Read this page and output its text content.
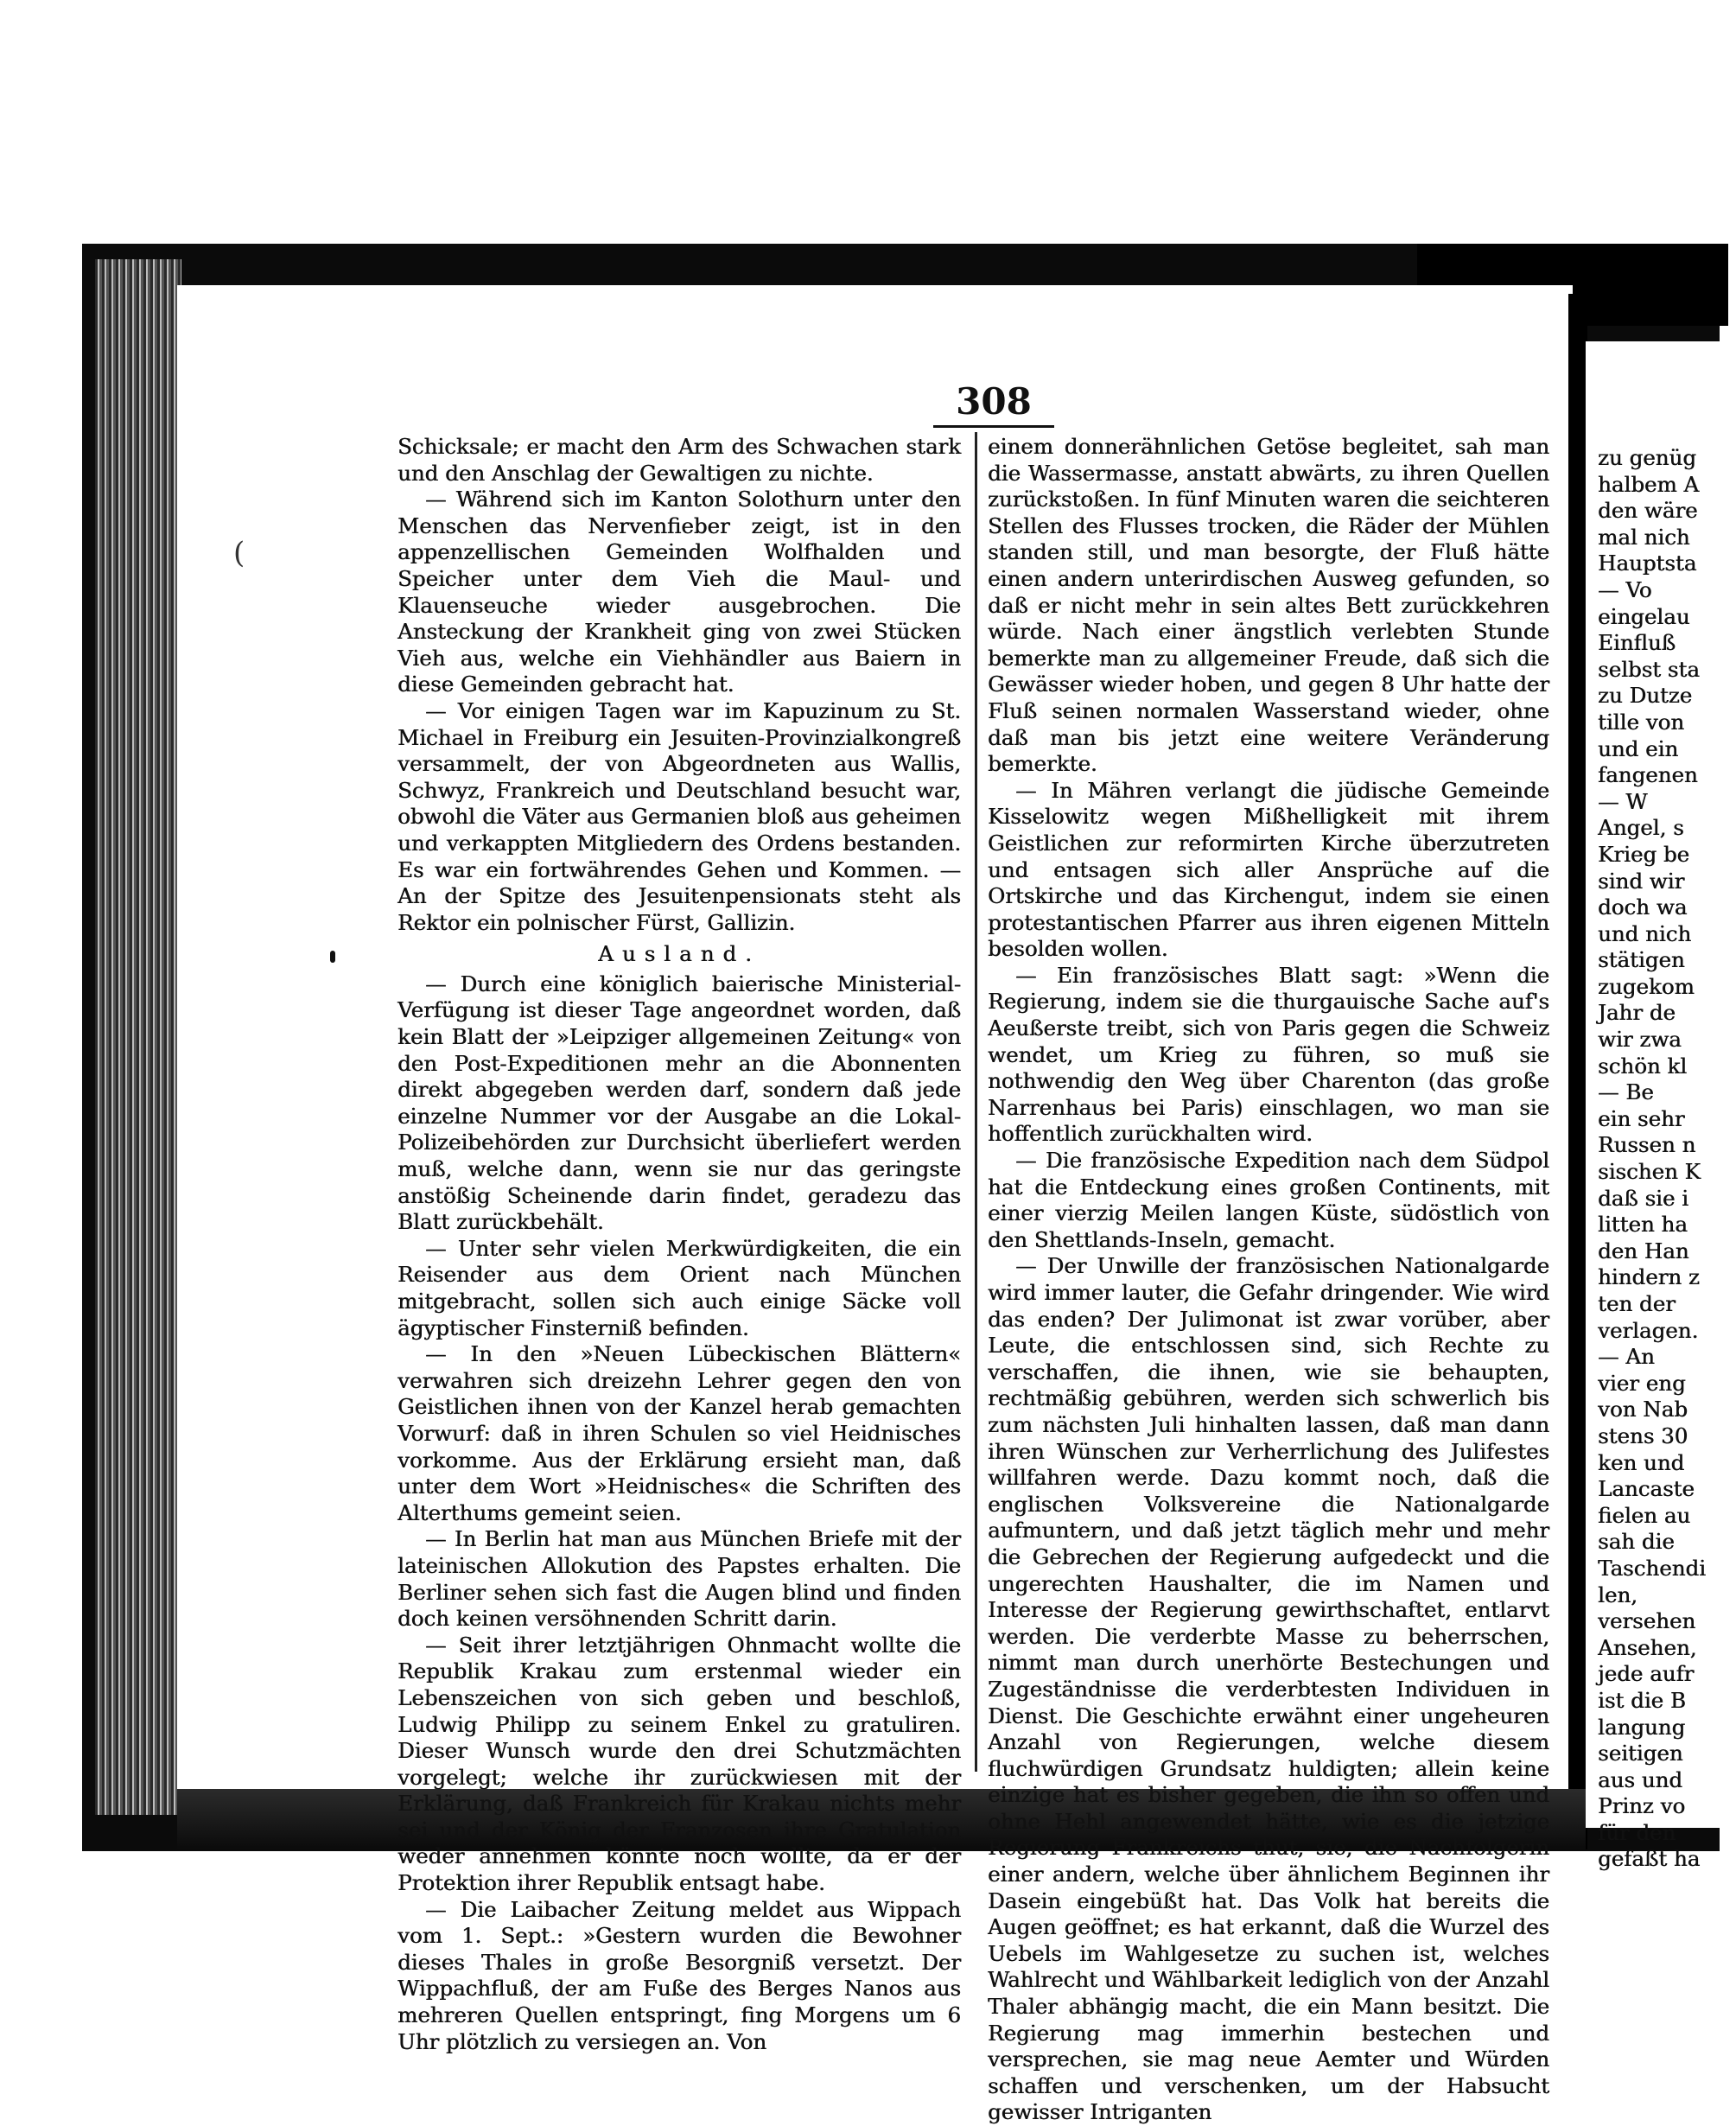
zu genüg
halbem A
den wäre
mal nich
Hauptsta
— Vo
eingelau
Einfluß
selbst sta
zu Dutze
tille von
und ein
fangenen
— W
Angel, s
Krieg be
sind wir
doch wa
und nich
stätigen
zugekom
Jahr de
wir zwa
schön kl
— Be
ein sehr
Russen n
sischen K
daß sie i
litten ha
den Han
hindern z
ten der
verlagen.
— An
vier eng
von Nab
stens 30
ken und
Lancaste
fielen au
sah die
Taschendi
len,
versehen
Ansehen,
jede aufr
ist die B
langung
seitigen
aus und
Prinz vo
für den
gefaßt ha
(
308

Schicksale; er macht den Arm des Schwachen stark und den Anschlag der Gewaltigen zu nichte.

— Während sich im Kanton Solothurn unter den Menschen das Nervenfieber zeigt, ist in den appenzellischen Gemeinden Wolfhalden und Speicher unter dem Vieh die Maul- und Klauenseuche wieder ausgebrochen. Die Ansteckung der Krankheit ging von zwei Stücken Vieh aus, welche ein Viehhändler aus Baiern in diese Gemeinden gebracht hat.

— Vor einigen Tagen war im Kapuzinum zu St. Michael in Freiburg ein Jesuiten-Provinzialkongreß versammelt, der von Abgeordneten aus Wallis, Schwyz, Frankreich und Deutschland besucht war, obwohl die Väter aus Germanien bloß aus geheimen und verkappten Mitgliedern des Ordens bestanden. Es war ein fortwährendes Gehen und Kommen. — An der Spitze des Jesuitenpensionats steht als Rektor ein polnischer Fürst, Gallizin.

Ausland.

— Durch eine königlich baierische Ministerial-Verfügung ist dieser Tage angeordnet worden, daß kein Blatt der »Leipziger allgemeinen Zeitung« von den Post-Expeditionen mehr an die Abonnenten direkt abgegeben werden darf, sondern daß jede einzelne Nummer vor der Ausgabe an die Lokal-Polizeibehörden zur Durchsicht überliefert werden muß, welche dann, wenn sie nur das geringste anstößig Scheinende darin findet, geradezu das Blatt zurückbehält.

— Unter sehr vielen Merkwürdigkeiten, die ein Reisender aus dem Orient nach München mitgebracht, sollen sich auch einige Säcke voll ägyptischer Finsterniß befinden.

— In den »Neuen Lübeckischen Blättern« verwahren sich dreizehn Lehrer gegen den von Geistlichen ihnen von der Kanzel herab gemachten Vorwurf: daß in ihren Schulen so viel Heidnisches vorkomme. Aus der Erklärung ersieht man, daß unter dem Wort »Heidnisches« die Schriften des Alterthums gemeint seien.

— In Berlin hat man aus München Briefe mit der lateinischen Allokution des Papstes erhalten. Die Berliner sehen sich fast die Augen blind und finden doch keinen versöhnenden Schritt darin.

— Seit ihrer letztjährigen Ohnmacht wollte die Republik Krakau zum erstenmal wieder ein Lebenszeichen von sich geben und beschloß, Ludwig Philipp zu seinem Enkel zu gratuliren. Dieser Wunsch wurde den drei Schutzmächten vorgelegt; welche ihr zurückwiesen mit der Erklärung, daß Frankreich für Krakau nichts mehr sei und der König der Franzosen ihre Gratulation weder annehmen könnte noch wollte, da er der Protektion ihrer Republik entsagt habe.

— Die Laibacher Zeitung meldet aus Wippach vom 1. Sept.: »Gestern wurden die Bewohner dieses Thales in große Besorgniß versetzt. Der Wippachfluß, der am Fuße des Berges Nanos aus mehreren Quellen entspringt, fing Morgens um 6 Uhr plötzlich zu versiegen an. Von

einem donnerähnlichen Getöse begleitet, sah man die Wassermasse, anstatt abwärts, zu ihren Quellen zurückstoßen. In fünf Minuten waren die seichteren Stellen des Flusses trocken, die Räder der Mühlen standen still, und man besorgte, der Fluß hätte einen andern unterirdischen Ausweg gefunden, so daß er nicht mehr in sein altes Bett zurückkehren würde. Nach einer ängstlich verlebten Stunde bemerkte man zu allgemeiner Freude, daß sich die Gewässer wieder hoben, und gegen 8 Uhr hatte der Fluß seinen normalen Wasserstand wieder, ohne daß man bis jetzt eine weitere Veränderung bemerkte.

— In Mähren verlangt die jüdische Gemeinde Kisselowitz wegen Mißhelligkeit mit ihrem Geistlichen zur reformirten Kirche überzutreten und entsagen sich aller Ansprüche auf die Ortskirche und das Kirchengut, indem sie einen protestantischen Pfarrer aus ihren eigenen Mitteln besolden wollen.

— Ein französisches Blatt sagt: »Wenn die Regierung, indem sie die thurgauische Sache auf's Aeußerste treibt, sich von Paris gegen die Schweiz wendet, um Krieg zu führen, so muß sie nothwendig den Weg über Charenton (das große Narrenhaus bei Paris) einschlagen, wo man sie hoffentlich zurückhalten wird.

— Die französische Expedition nach dem Südpol hat die Entdeckung eines großen Continents, mit einer vierzig Meilen langen Küste, südöstlich von den Shettlands-Inseln, gemacht.

— Der Unwille der französischen Nationalgarde wird immer lauter, die Gefahr dringender. Wie wird das enden? Der Julimonat ist zwar vorüber, aber Leute, die entschlossen sind, sich Rechte zu verschaffen, die ihnen, wie sie behaupten, rechtmäßig gebühren, werden sich schwerlich bis zum nächsten Juli hinhalten lassen, daß man dann ihren Wünschen zur Verherrlichung des Julifestes willfahren werde. Dazu kommt noch, daß die englischen Volksvereine die Nationalgarde aufmuntern, und daß jetzt täglich mehr und mehr die Gebrechen der Regierung aufgedeckt und die ungerechten Haushalter, die im Namen und Interesse der Regierung gewirthschaftet, entlarvt werden. Die verderbte Masse zu beherrschen, nimmt man durch unerhörte Bestechungen und Zugeständnisse die verderbtesten Individuen in Dienst. Die Geschichte erwähnt einer ungeheuren Anzahl von Regierungen, welche diesem fluchwürdigen Grundsatz huldigten; allein keine einzige hat es bisher gegeben, die ihn so offen und ohne Hehl angewendet hätte, wie es die jetzige Regierung Frankreichs thut, sie, die Nachfolgerin einer andern, welche über ähnlichem Beginnen ihr Dasein eingebüßt hat. Das Volk hat bereits die Augen geöffnet; es hat erkannt, daß die Wurzel des Uebels im Wahlgesetze zu suchen ist, welches Wahlrecht und Wählbarkeit lediglich von der Anzahl Thaler abhängig macht, die ein Mann besitzt. Die Regierung mag immerhin bestechen und versprechen, sie mag neue Aemter und Würden schaffen und verschenken, um der Habsucht gewisser Intriganten
